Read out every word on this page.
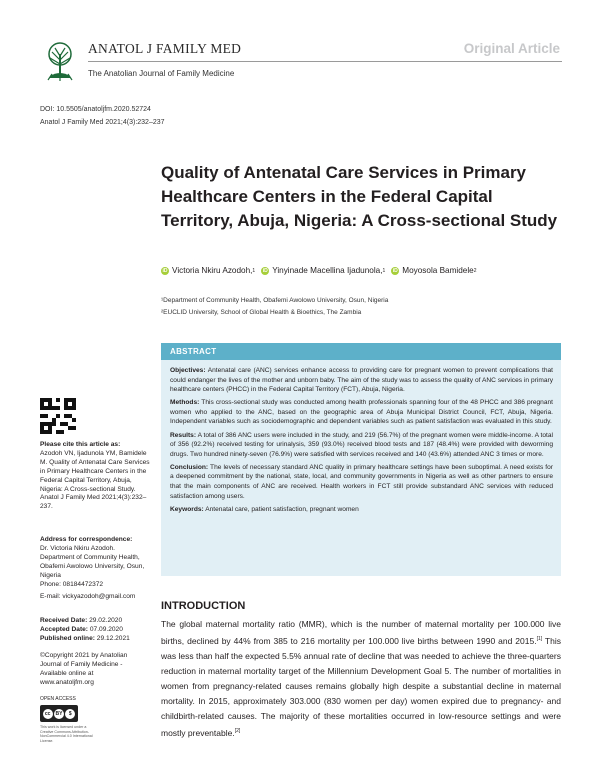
ANATOL J FAMILY MED
The Anatolian Journal of Family Medicine
Original Article
DOI: 10.5505/anatoljfm.2020.52724
Anatol J Family Med 2021;4(3):232–237
Quality of Antenatal Care Services in Primary Healthcare Centers in the Federal Capital Territory, Abuja, Nigeria: A Cross-sectional Study
iD Victoria Nkiru Azodoh, 1	iD Yinyinade Macellina Ijadunola, 1	iD Moyosola Bamidele 2
¹Department of Community Health, Obafemi Awolowo University, Osun, Nigeria
²EUCLID University, School of Global Health & Bioethics, The Zambia
ABSTRACT

Objectives: Antenatal care (ANC) services enhance access to providing care for pregnant women to prevent complications that could endanger the lives of the mother and unborn baby. The aim of the study was to assess the quality of ANC services in primary healthcare centers (PHCC) in the Federal Capital Territory (FCT), Abuja, Nigeria.

Methods: This cross-sectional study was conducted among health professionals spanning four of the 48 PHCC and 386 pregnant women who applied to the ANC, based on the geographic area of Abuja Municipal District Council, FCT, Abuja, Nigeria. Independent variables such as sociodemographic and dependent variables such as patient satisfaction was evaluated in this study.

Results: A total of 386 ANC users were included in the study, and 219 (56.7%) of the pregnant women were middle-income. A total of 356 (92.2%) received testing for urinalysis, 359 (93.0%) received blood tests and 187 (48.4%) were provided with deworming drugs. Two hundred ninety-seven (76.9%) were satisfied with services received and 140 (43.6%) attended ANC 3 times or more.

Conclusion: The levels of necessary standard ANC quality in primary healthcare settings have been suboptimal. A need exists for a deepened commitment by the national, state, local, and community governments in Nigeria as well as other partners to ensure that the main components of ANC are received. Health workers in FCT still provide substandard ANC services with reduced satisfaction among users.

Keywords: Antenatal care, patient satisfaction, pregnant women

Please cite this article as:
Azodoh VN, Ijadunola YM, Bamidele M. Quality of Antenatal Care Services in Primary Healthcare Centers in the Federal Capital Territory, Abuja, Nigeria: A Cross-sectional Study. Anatol J Family Med 2021;4(3):232–237.
Address for correspondence:
Dr. Victoria Nkiru Azodoh. Department of Community Health, Obafemi Awolowo University, Osun, Nigeria
Phone: 08184472372
E-mail: vickyazodoh@gmail.com
Received Date: 29.02.2020
Accepted Date: 07.09.2020
Published online: 29.12.2021
©Copyright 2021 by Anatolian Journal of Family Medicine - Available online at www.anatoljfm.org
OPEN ACCESS
cc	BY	$
This work is licensed under a Creative Commons Attribution-NonCommercial 4.0 International License.
INTRODUCTION
The global maternal mortality ratio (MMR), which is the number of maternal mortality per 100.000 live births, declined by 44% from 385 to 216 mortality per 100.000 live births between 1990 and 2015.[1] This was less than half the expected 5.5% annual rate of decline that was needed to achieve the three-quarters reduction in maternal mortality target of the Millennium Development Goal 5. The number of mortalities in women from pregnancy-related causes remains globally high despite a substantial decline in maternal mortality. In 2015, approximately 303.000 (830 women per day) women expired due to pregnancy- and childbirth-related causes. The majority of these mortalities occurred in low-resource settings and were mostly preventable.[2]
